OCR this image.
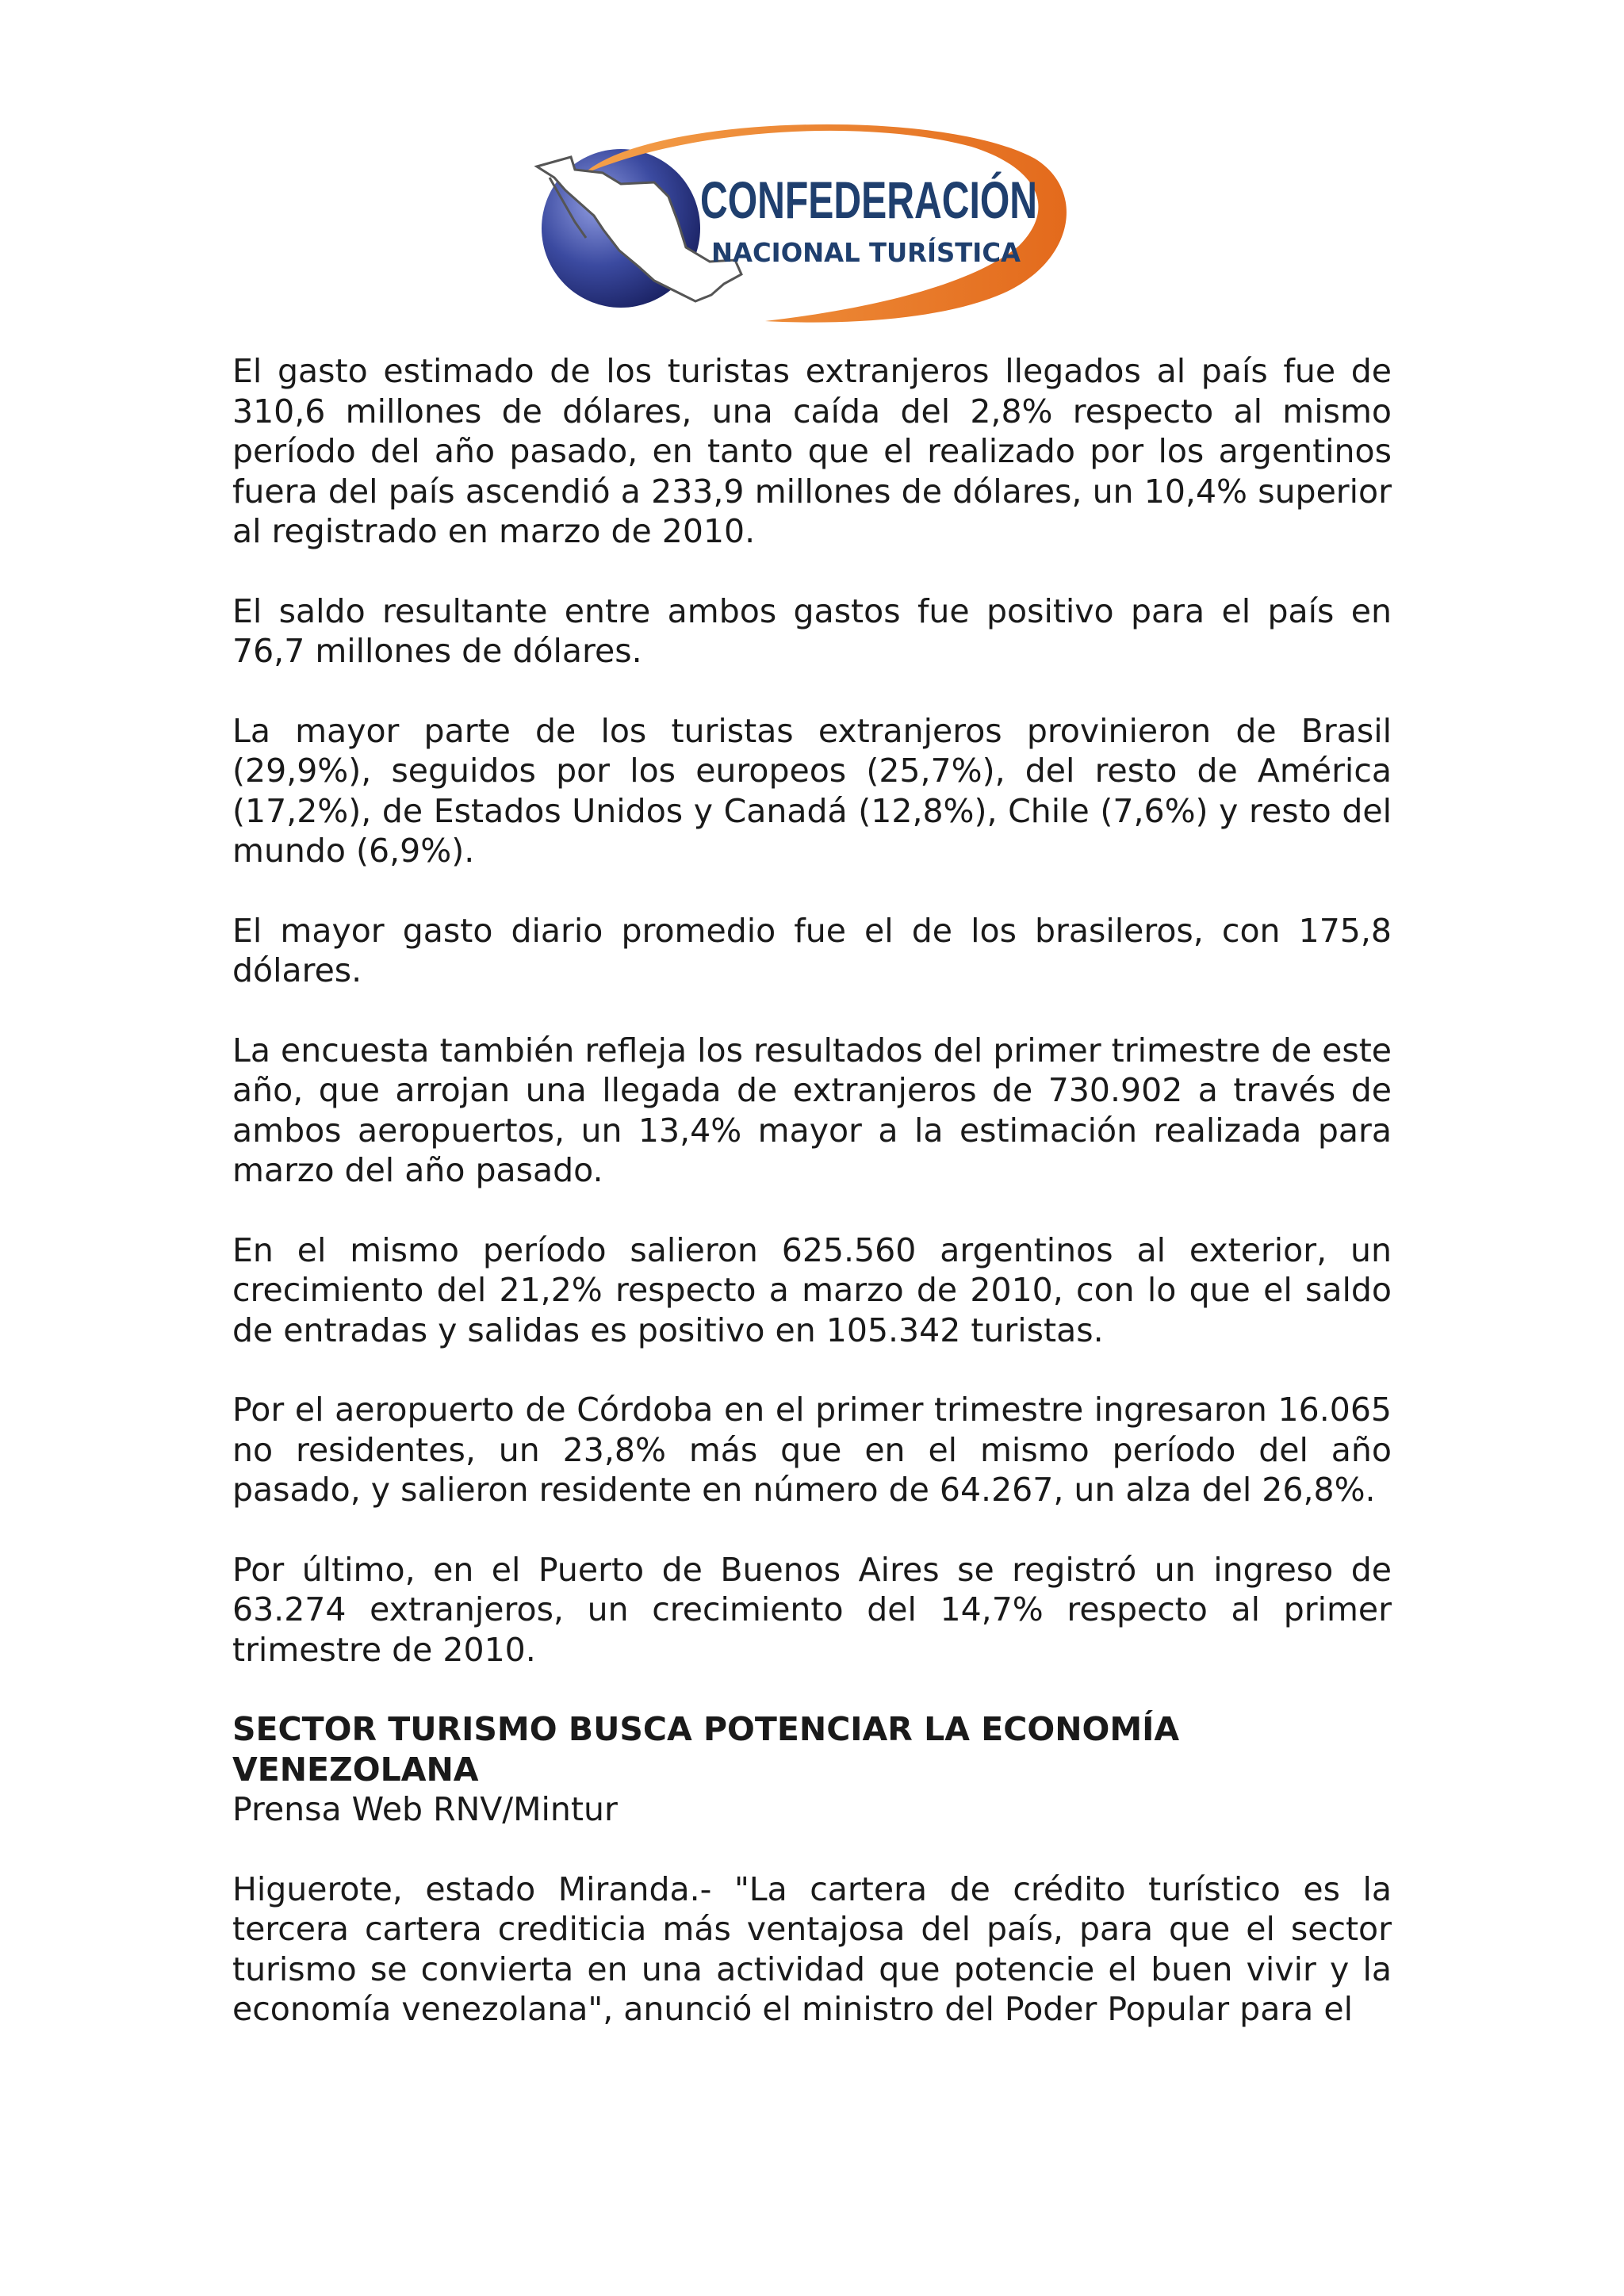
CONFEDERACIÓN
NACIONAL TURÍSTICA

El gasto estimado de los turistas extranjeros llegados al país fue de 310,6 millones de dólares, una caída del 2,8% respecto al mismo período del año pasado, en tanto que el realizado por los argentinos fuera del país ascendió a 233,9 millones de dólares, un 10,4% superior al registrado en marzo de 2010.

El saldo resultante entre ambos gastos fue positivo para el país en 76,7 millones de dólares.

La mayor parte de los turistas extranjeros provinieron de Brasil (29,9%), seguidos por los europeos (25,7%), del resto de América (17,2%), de Estados Unidos y Canadá (12,8%), Chile (7,6%) y resto del mundo (6,9%).

El mayor gasto diario promedio fue el de los brasileros, con 175,8 dólares.

La encuesta también refleja los resultados del primer trimestre de este año, que arrojan una llegada de extranjeros de 730.902 a través de ambos aeropuertos, un 13,4% mayor a la estimación realizada para marzo del año pasado.

En el mismo período salieron 625.560 argentinos al exterior, un crecimiento del 21,2% respecto a marzo de 2010, con lo que el saldo de entradas y salidas es positivo en 105.342 turistas.

Por el aeropuerto de Córdoba en el primer trimestre ingresaron 16.065 no residentes, un 23,8% más que en el mismo período del año pasado, y salieron residente en número de 64.267, un alza del 26,8%.

Por último, en el Puerto de Buenos Aires se registró un ingreso de 63.274 extranjeros, un crecimiento del 14,7% respecto al primer trimestre de 2010.

SECTOR TURISMO BUSCA POTENCIAR LA ECONOMÍA VENEZOLANA
Prensa Web RNV/Mintur

Higuerote, estado Miranda.- "La cartera de crédito turístico es la tercera cartera crediticia más ventajosa del país, para que el sector turismo se convierta en una actividad que potencie el buen vivir y la economía venezolana", anunció el ministro del Poder Popular para el
